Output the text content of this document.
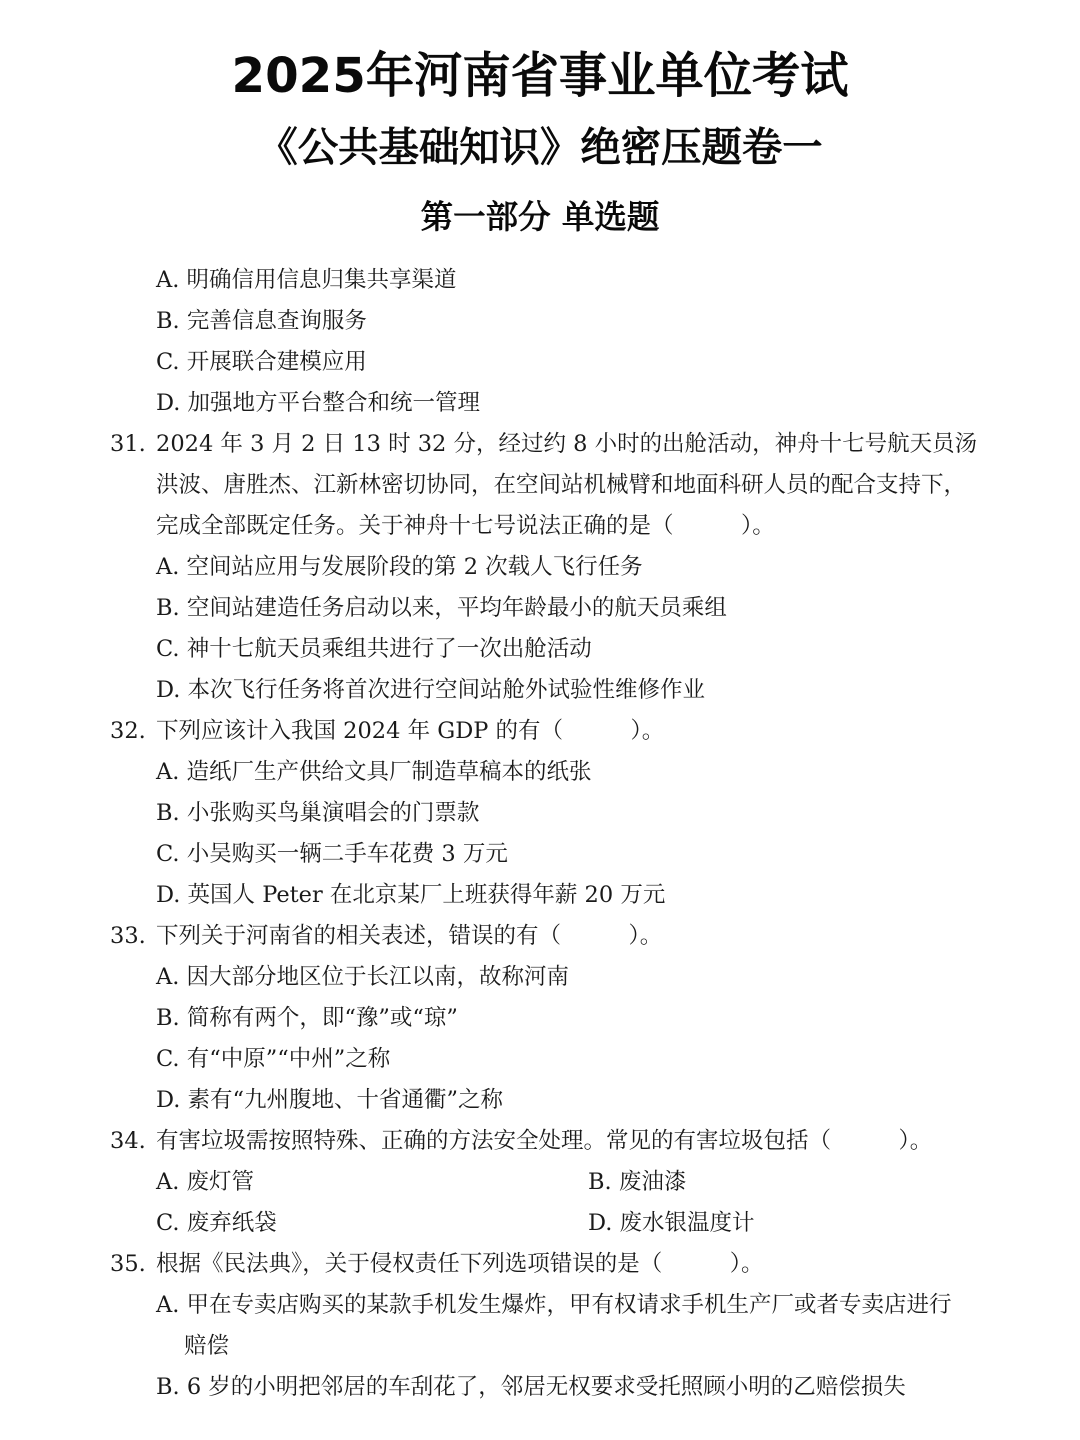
2025年河南省事业单位考试
《公共基础知识》绝密压题卷一
第一部分 单选题
A. 明确信用信息归集共享渠道
B. 完善信息查询服务
C. 开展联合建模应用
D. 加强地方平台整合和统一管理
31. 2024 年 3 月 2 日 13 时 32 分，经过约 8 小时的出舱活动，神舟十七号航天员汤
洪波、唐胜杰、江新林密切协同，在空间站机械臂和地面科研人员的配合支持下，
完成全部既定任务。关于神舟十七号说法正确的是（　　　）。
A. 空间站应用与发展阶段的第 2 次载人飞行任务
B. 空间站建造任务启动以来，平均年龄最小的航天员乘组
C. 神十七航天员乘组共进行了一次出舱活动
D. 本次飞行任务将首次进行空间站舱外试验性维修作业
32. 下列应该计入我国 2024 年 GDP 的有（　　　）。
A. 造纸厂生产供给文具厂制造草稿本的纸张
B. 小张购买鸟巢演唱会的门票款
C. 小吴购买一辆二手车花费 3 万元
D. 英国人 Peter 在北京某厂上班获得年薪 20 万元
33. 下列关于河南省的相关表述，错误的有（　　　）。
A. 因大部分地区位于长江以南，故称河南
B. 简称有两个，即“豫”或“琼”
C. 有“中原”“中州”之称
D. 素有“九州腹地、十省通衢”之称
34. 有害垃圾需按照特殊、正确的方法安全处理。常见的有害垃圾包括（　　　）。
A. 废灯管	B. 废油漆
C. 废弃纸袋	D. 废水银温度计
35. 根据《民法典》，关于侵权责任下列选项错误的是（　　　）。
A. 甲在专卖店购买的某款手机发生爆炸，甲有权请求手机生产厂或者专卖店进行
赔偿
B. 6 岁的小明把邻居的车刮花了，邻居无权要求受托照顾小明的乙赔偿损失
